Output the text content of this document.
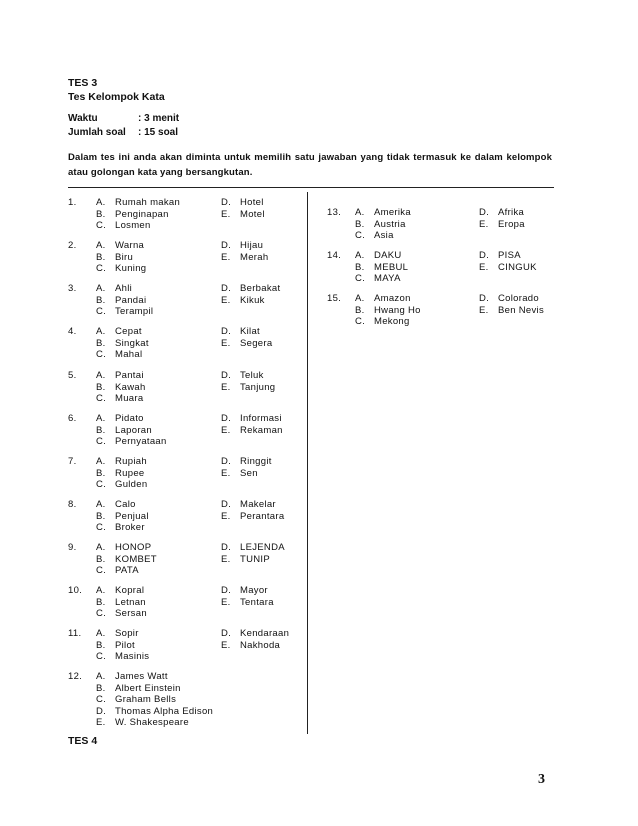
TES 3
Tes Kelompok Kata
Waktu	: 3 menit
Jumlah soal : 15 soal
Dalam tes ini anda akan diminta untuk memilih satu jawaban yang tidak termasuk ke dalam kelompok atau golongan kata yang bersangkutan.
1. A. Rumah makan
B. Penginapan
C. Losmen
D. Hotel
E. Motel
2. A. Warna
B. Biru
C. Kuning
D. Hijau
E. Merah
3. A. Ahli
B. Pandai
C. Terampil
D. Berbakat
E. Kikuk
4. A. Cepat
B. Singkat
C. Mahal
D. Kilat
E. Segera
5. A. Pantai
B. Kawah
C. Muara
D. Teluk
E. Tanjung
6. A. Pidato
B. Laporan
C. Pernyataan
D. Informasi
E. Rekaman
7. A. Rupiah
B. Rupee
C. Gulden
D. Ringgit
E. Sen
8. A. Calo
B. Penjual
C. Broker
D. Makelar
E. Perantara
9. A. HONOP
B. KOMBET
C. PATA
D. LEJENDA
E. TUNIP
10. A. Kopral
B. Letnan
C. Sersan
D. Mayor
E. Tentara
11. A. Sopir
B. Pilot
C. Masinis
D. Kendaraan
E. Nakhoda
12. A. James Watt
B. Albert Einstein
C. Graham Bells
D. Thomas Alpha Edison
E. W. Shakespeare
13. A. Amerika
B. Austria
C. Asia
D. Afrika
E. Eropa
14. A. DAKU
B. MEBUL
C. MAYA
D. PISA
E. CINGUK
15. A. Amazon
B. Hwang Ho
C. Mekong
D. Colorado
E. Ben Nevis
TES 4
3
